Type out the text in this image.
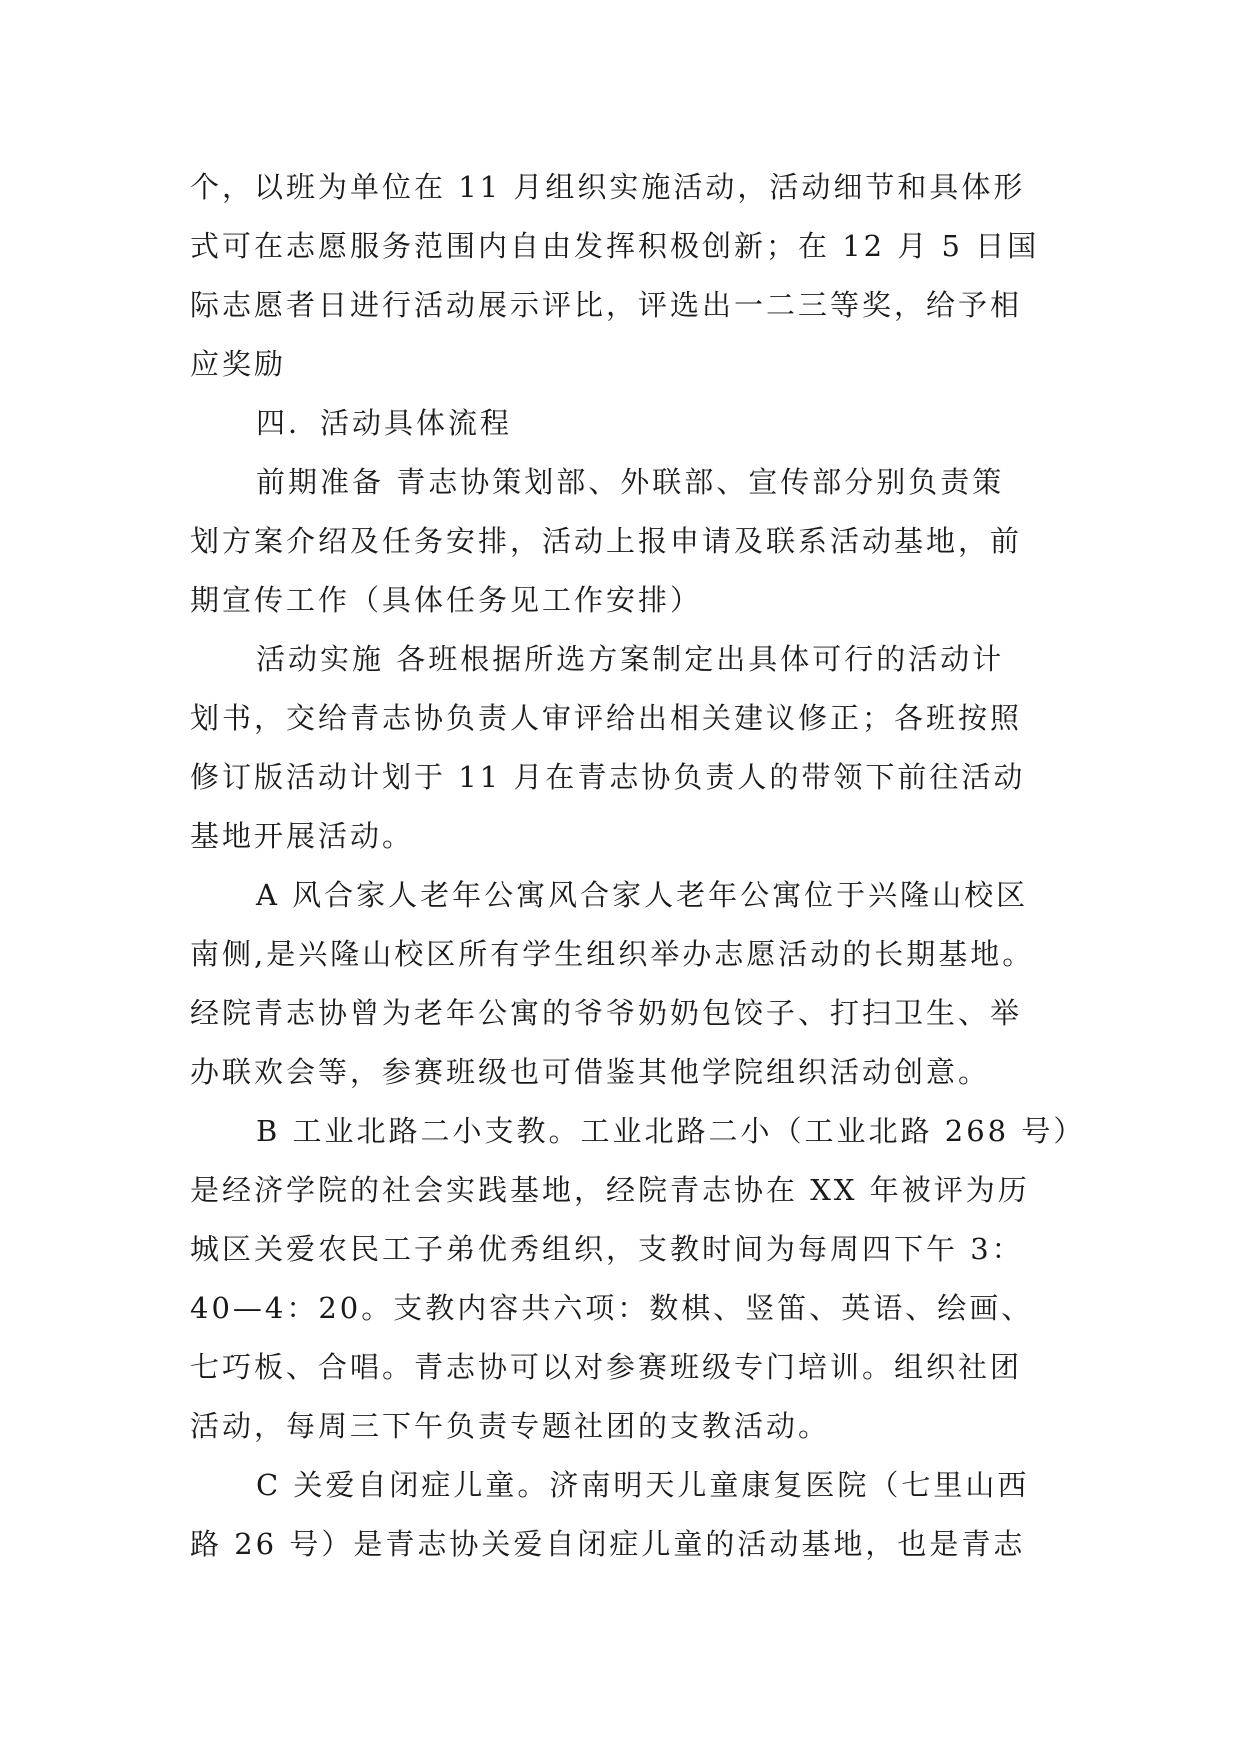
个，以班为单位在 11 月组织实施活动，活动细节和具体形
式可在志愿服务范围内自由发挥积极创新；在 12 月 5 日国
际志愿者日进行活动展示评比，评选出一二三等奖，给予相
应奖励
四．活动具体流程
前期准备 青志协策划部、外联部、宣传部分别负责策
划方案介绍及任务安排，活动上报申请及联系活动基地，前
期宣传工作（具体任务见工作安排）
活动实施 各班根据所选方案制定出具体可行的活动计
划书，交给青志协负责人审评给出相关建议修正；各班按照
修订版活动计划于 11 月在青志协负责人的带领下前往活动
基地开展活动。
A 风合家人老年公寓风合家人老年公寓位于兴隆山校区
南侧,是兴隆山校区所有学生组织举办志愿活动的长期基地。
经院青志协曾为老年公寓的爷爷奶奶包饺子、打扫卫生、举
办联欢会等，参赛班级也可借鉴其他学院组织活动创意。
B 工业北路二小支教。工业北路二小（工业北路 268 号）
是经济学院的社会实践基地，经院青志协在 XX 年被评为历
城区关爱农民工子弟优秀组织，支教时间为每周四下午 3：
40—4：20。支教内容共六项：数棋、竖笛、英语、绘画、
七巧板、合唱。青志协可以对参赛班级专门培训。组织社团
活动，每周三下午负责专题社团的支教活动。
C 关爱自闭症儿童。济南明天儿童康复医院（七里山西
路 26 号）是青志协关爱自闭症儿童的活动基地，也是青志
